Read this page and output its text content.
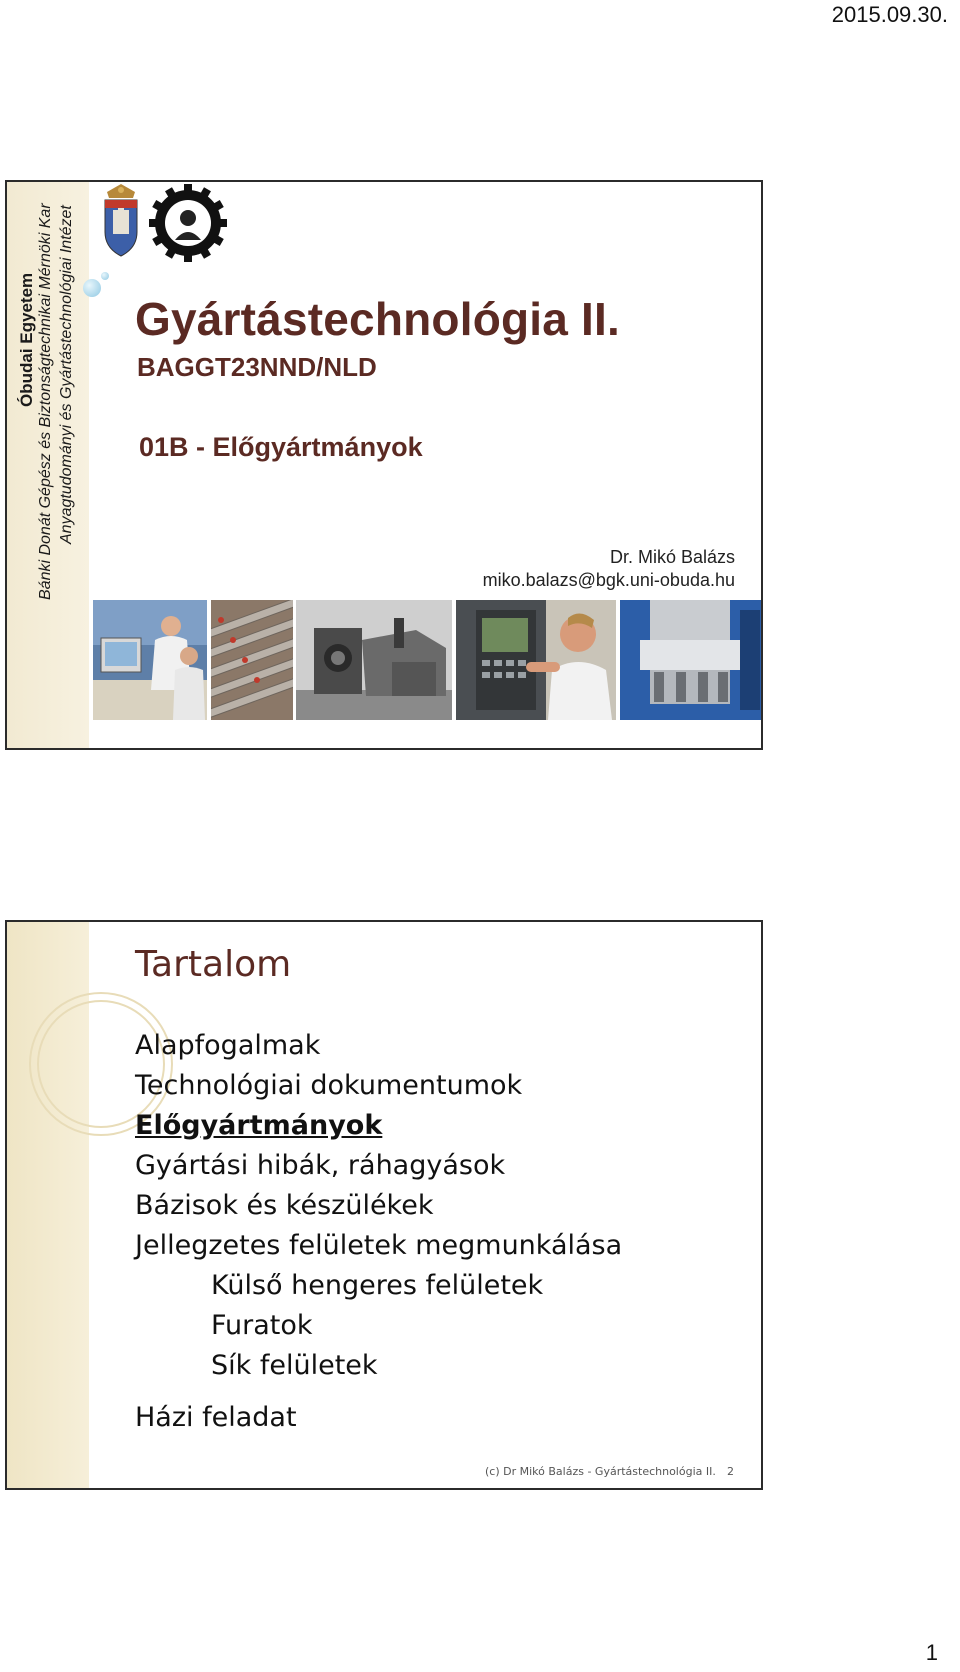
2015.09.30.
Óbudai Egyetem Bánki Donát Gépész és Biztonságtechnikai Mérnöki Kar Anyagtudományi és Gyártástechnológiai Intézet Gyártástechnológia II.
BAGGT23NND/NLD
01B - Előgyártmányok
Dr. Mikó Balázs
miko.balazs@bgk.uni-obuda.hu
Tartalom
Alapfogalmak
Technológiai dokumentumok
Előgyártmányok
Gyártási hibák, ráhagyások
Bázisok és készülékek
Jellegzetes felületek megmunkálása
Külső hengeres felületek
Furatok
Sík felületek
Házi feladat
(c) Dr Mikó Balázs - Gyártástechnológia II. 2
1
